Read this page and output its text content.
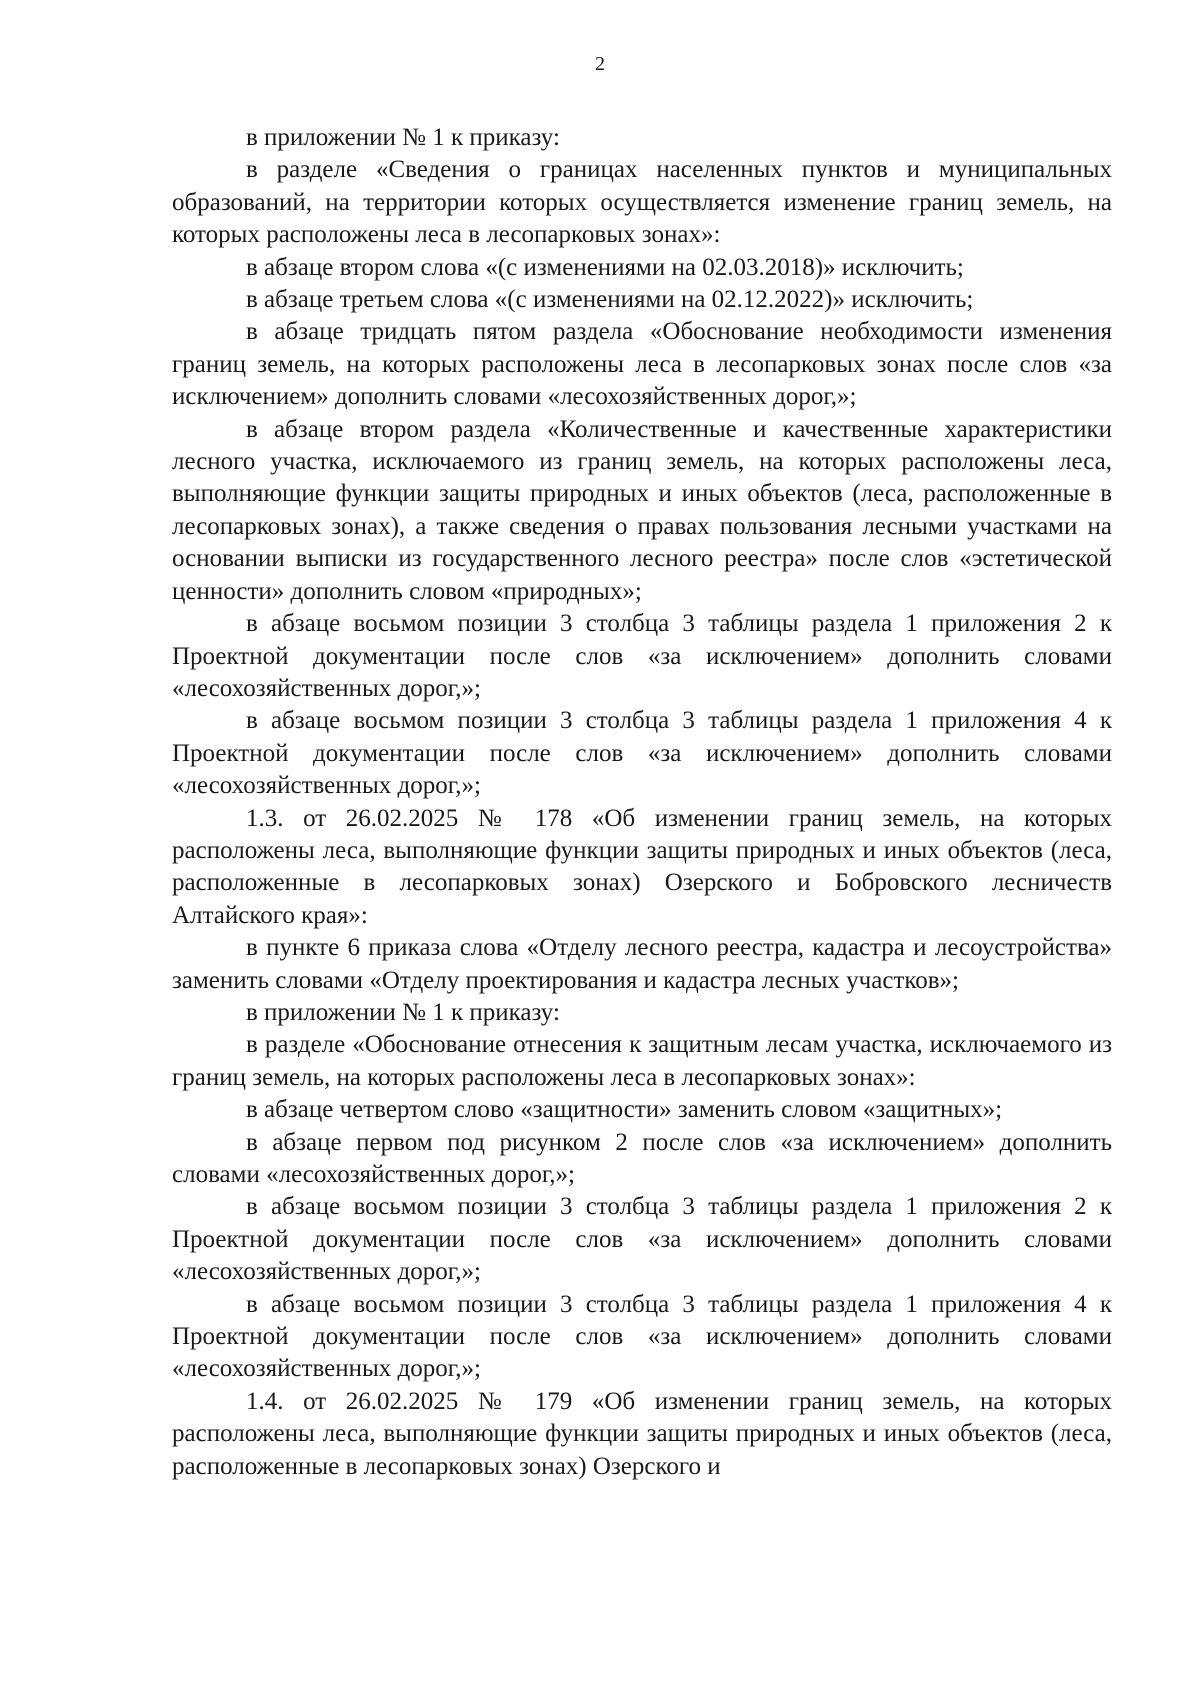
2

в приложении № 1 к приказу:

в разделе «Сведения о границах населенных пунктов и муниципальных образований, на территории которых осуществляется изменение границ земель, на которых расположены леса в лесопарковых зонах»:

в абзаце втором слова «(с изменениями на 02.03.2018)» исключить;

в абзаце третьем слова «(с изменениями на 02.12.2022)» исключить;

в абзаце тридцать пятом раздела «Обоснование необходимости изменения границ земель, на которых расположены леса в лесопарковых зонах после слов «за исключением» дополнить словами «лесохозяйственных дорог,»;

в абзаце втором раздела «Количественные и качественные характеристики лесного участка, исключаемого из границ земель, на которых расположены леса, выполняющие функции защиты природных и иных объектов (леса, расположенные в лесопарковых зонах), а также сведения о правах пользования лесными участками на основании выписки из государственного лесного реестра» после слов «эстетической ценности» дополнить словом «природных»;

в абзаце восьмом позиции 3 столбца 3 таблицы раздела 1 приложения 2 к Проектной документации после слов «за исключением» дополнить словами «лесохозяйственных дорог,»;

в абзаце восьмом позиции 3 столбца 3 таблицы раздела 1 приложения 4 к Проектной документации после слов «за исключением» дополнить словами «лесохозяйственных дорог,»;

1.3. от 26.02.2025 № 178 «Об изменении границ земель, на которых расположены леса, выполняющие функции защиты природных и иных объектов (леса, расположенные в лесопарковых зонах) Озерского и Бобровского лесничеств Алтайского края»:

в пункте 6 приказа слова «Отделу лесного реестра, кадастра и лесоустройства» заменить словами «Отделу проектирования и кадастра лесных участков»;

в приложении № 1 к приказу:

в разделе «Обоснование отнесения к защитным лесам участка, исключаемого из границ земель, на которых расположены леса в лесопарковых зонах»:

в абзаце четвертом слово «защитности» заменить словом «защитных»;

в абзаце первом под рисунком 2 после слов «за исключением» дополнить словами «лесохозяйственных дорог,»;

в абзаце восьмом позиции 3 столбца 3 таблицы раздела 1 приложения 2 к Проектной документации после слов «за исключением» дополнить словами «лесохозяйственных дорог,»;

в абзаце восьмом позиции 3 столбца 3 таблицы раздела 1 приложения 4 к Проектной документации после слов «за исключением» дополнить словами «лесохозяйственных дорог,»;

1.4. от 26.02.2025 № 179 «Об изменении границ земель, на которых расположены леса, выполняющие функции защиты природных и иных объектов (леса, расположенные в лесопарковых зонах) Озерского и
